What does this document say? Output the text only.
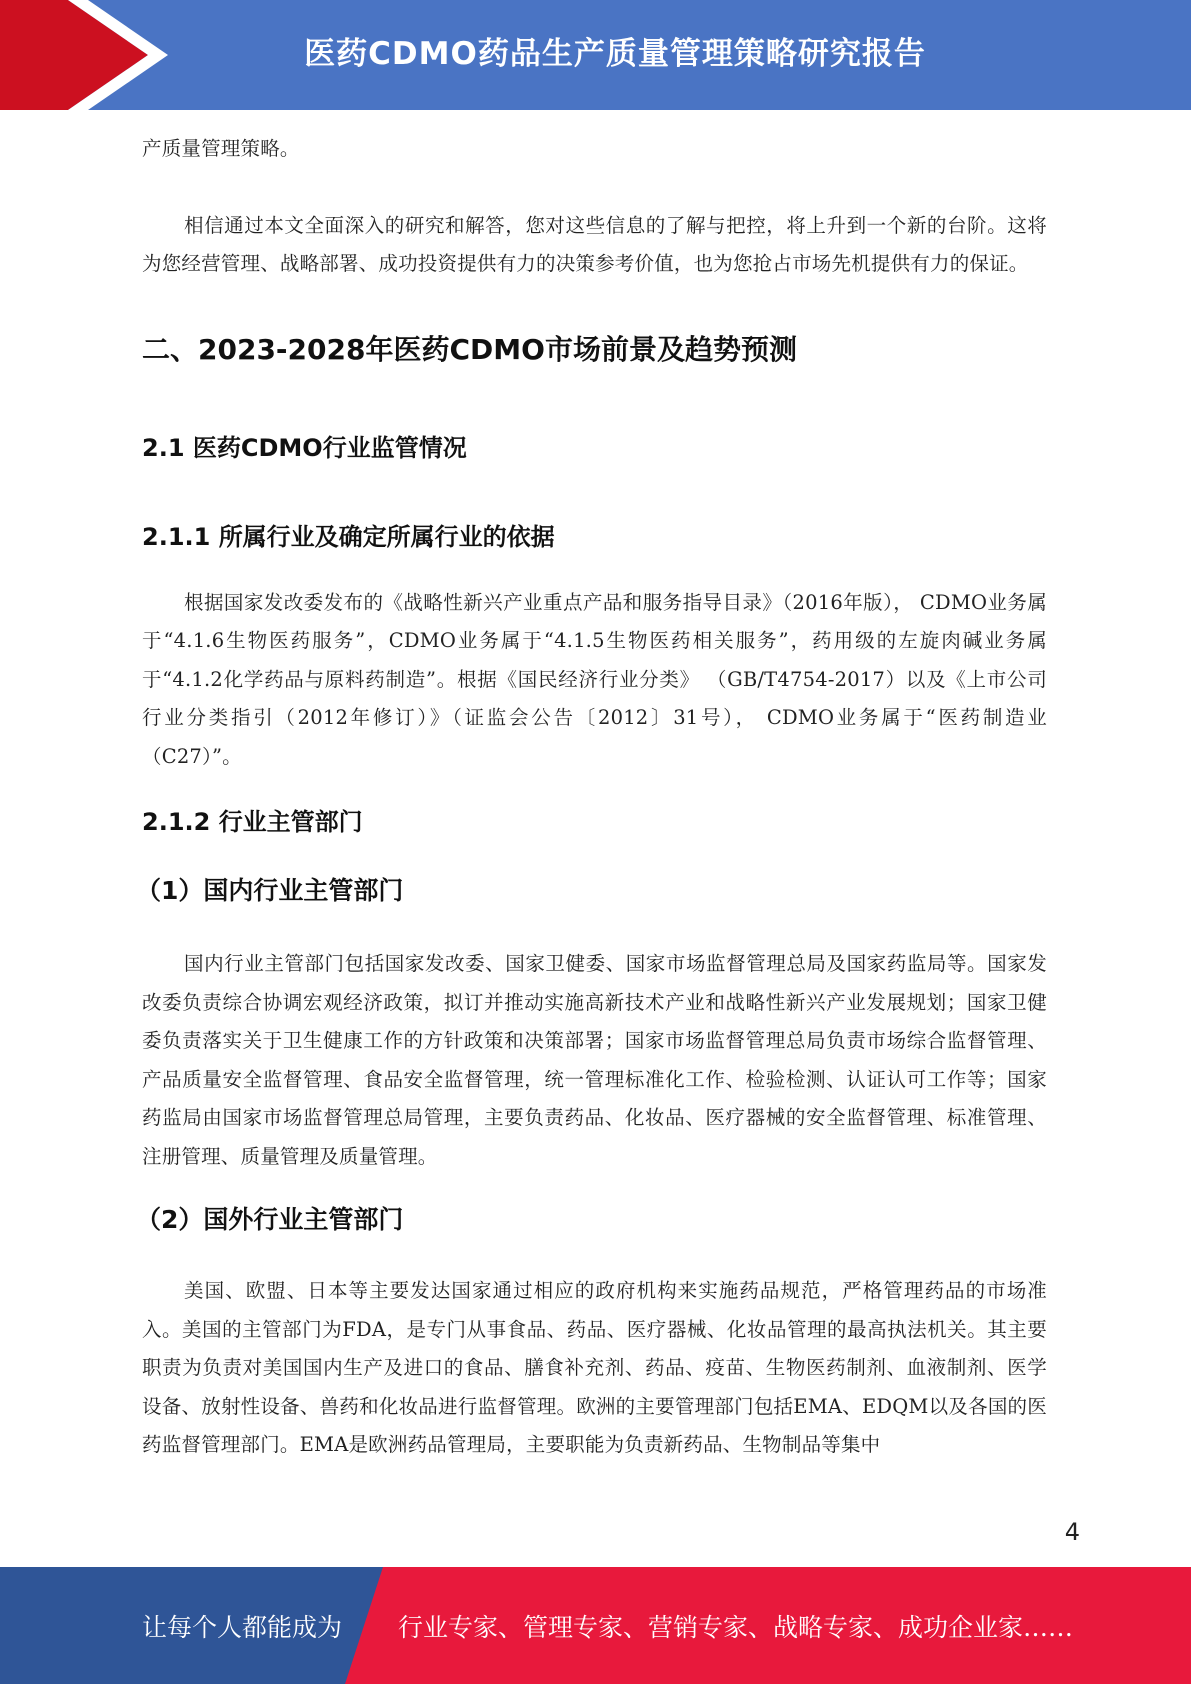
医药CDMO药品生产质量管理策略研究报告

产质量管理策略。

相信通过本文全面深入的研究和解答，您对这些信息的了解与把控，将上升到一个新的台阶。这将为您经营管理、战略部署、成功投资提供有力的决策参考价值，也为您抢占市场先机提供有力的保证。

二、2023-2028年医药CDMO市场前景及趋势预测
2.1 医药CDMO行业监管情况
2.1.1 所属行业及确定所属行业的依据

根据国家发改委发布的《战略性新兴产业重点产品和服务指导目录》（2016年版）， CDMO业务属于“4.1.6生物医药服务”，CDMO业务属于“4.1.5生物医药相关服务”，药用级的左旋肉碱业务属于“4.1.2化学药品与原料药制造”。根据《国民经济行业分类》 （GB/T4754-2017）以及《上市公司行业分类指引（2012年修订）》（证监会公告〔2012〕31号）， CDMO业务属于“医药制造业（C27）”。

2.1.2 行业主管部门
（1）国内行业主管部门

国内行业主管部门包括国家发改委、国家卫健委、国家市场监督管理总局及国家药监局等。国家发改委负责综合协调宏观经济政策，拟订并推动实施高新技术产业和战略性新兴产业发展规划；国家卫健委负责落实关于卫生健康工作的方针政策和决策部署；国家市场监督管理总局负责市场综合监督管理、产品质量安全监督管理、食品安全监督管理，统一管理标准化工作、检验检测、认证认可工作等；国家药监局由国家市场监督管理总局管理，主要负责药品、化妆品、医疗器械的安全监督管理、标准管理、注册管理、质量管理及质量管理。

（2）国外行业主管部门

美国、欧盟、日本等主要发达国家通过相应的政府机构来实施药品规范，严格管理药品的市场准入。美国的主管部门为FDA，是专门从事食品、药品、医疗器械、化妆品管理的最高执法机关。其主要职责为负责对美国国内生产及进口的食品、膳食补充剂、药品、疫苗、生物医药制剂、血液制剂、医学设备、放射性设备、兽药和化妆品进行监督管理。欧洲的主要管理部门包括EMA、EDQM以及各国的医药监督管理部门。EMA是欧洲药品管理局，主要职能为负责新药品、生物制品等集中

4
让每个人都能成为 行业专家、管理专家、营销专家、战略专家、成功企业家……
